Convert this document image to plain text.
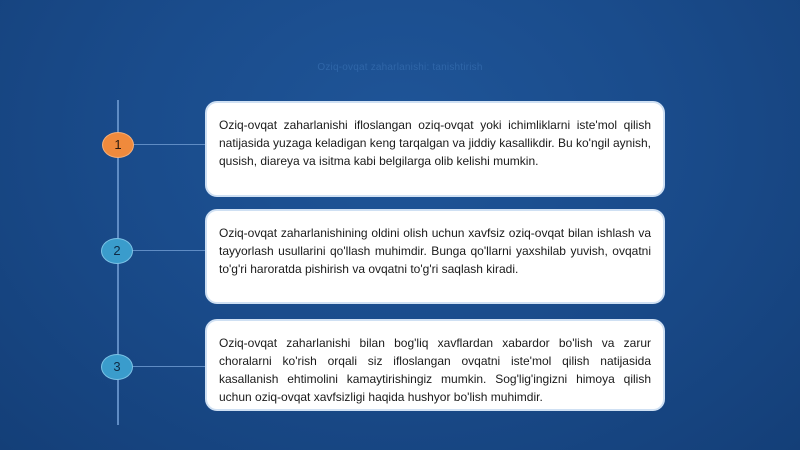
Oziq-ovqat zaharlanishi: tanishtirish
1
Oziq-ovqat zaharlanishi ifloslangan oziq-ovqat yoki ichimliklarni iste'mol qilish natijasida yuzaga keladigan keng tarqalgan va jiddiy kasallikdir. Bu ko'ngil aynish, qusish, diareya va isitma kabi belgilarga olib kelishi mumkin.
2
Oziq-ovqat zaharlanishining oldini olish uchun xavfsiz oziq-ovqat bilan ishlash va tayyorlash usullarini qo'llash muhimdir. Bunga qo'llarni yaxshilab yuvish, ovqatni to'g'ri haroratda pishirish va ovqatni to'g'ri saqlash kiradi.
3
Oziq-ovqat zaharlanishi bilan bog'liq xavflardan xabardor bo'lish va zarur choralarni ko'rish orqali siz ifloslangan ovqatni iste'mol qilish natijasida kasallanish ehtimolini kamaytirishingiz mumkin. Sog'lig'ingizni himoya qilish uchun oziq-ovqat xavfsizligi haqida hushyor bo'lish muhimdir.
